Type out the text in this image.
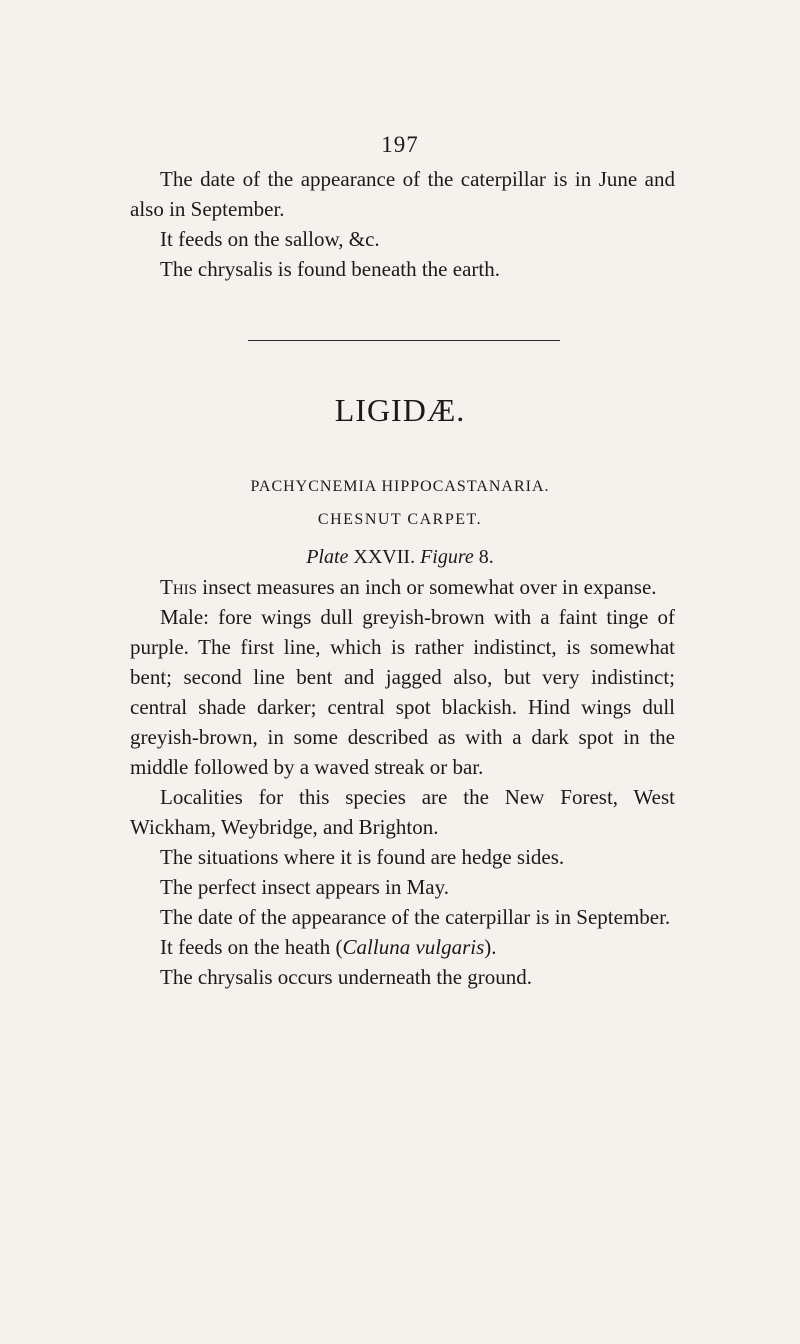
197

The date of the appearance of the caterpillar is in June and also in September.

It feeds on the sallow, &c.

The chrysalis is found beneath the earth.

LIGIDÆ.
PACHYCNEMIA HIPPOCASTANARIA.
CHESNUT CARPET.
Plate XXVII. Figure 8.

This insect measures an inch or somewhat over in expanse.

Male: fore wings dull greyish-brown with a faint tinge of purple. The first line, which is rather indistinct, is somewhat bent; second line bent and jagged also, but very indistinct; central shade darker; central spot blackish. Hind wings dull greyish-brown, in some described as with a dark spot in the middle followed by a waved streak or bar.

Localities for this species are the New Forest, West Wickham, Weybridge, and Brighton.

The situations where it is found are hedge sides.

The perfect insect appears in May.

The date of the appearance of the caterpillar is in September.

It feeds on the heath (Calluna vulgaris).

The chrysalis occurs underneath the ground.
